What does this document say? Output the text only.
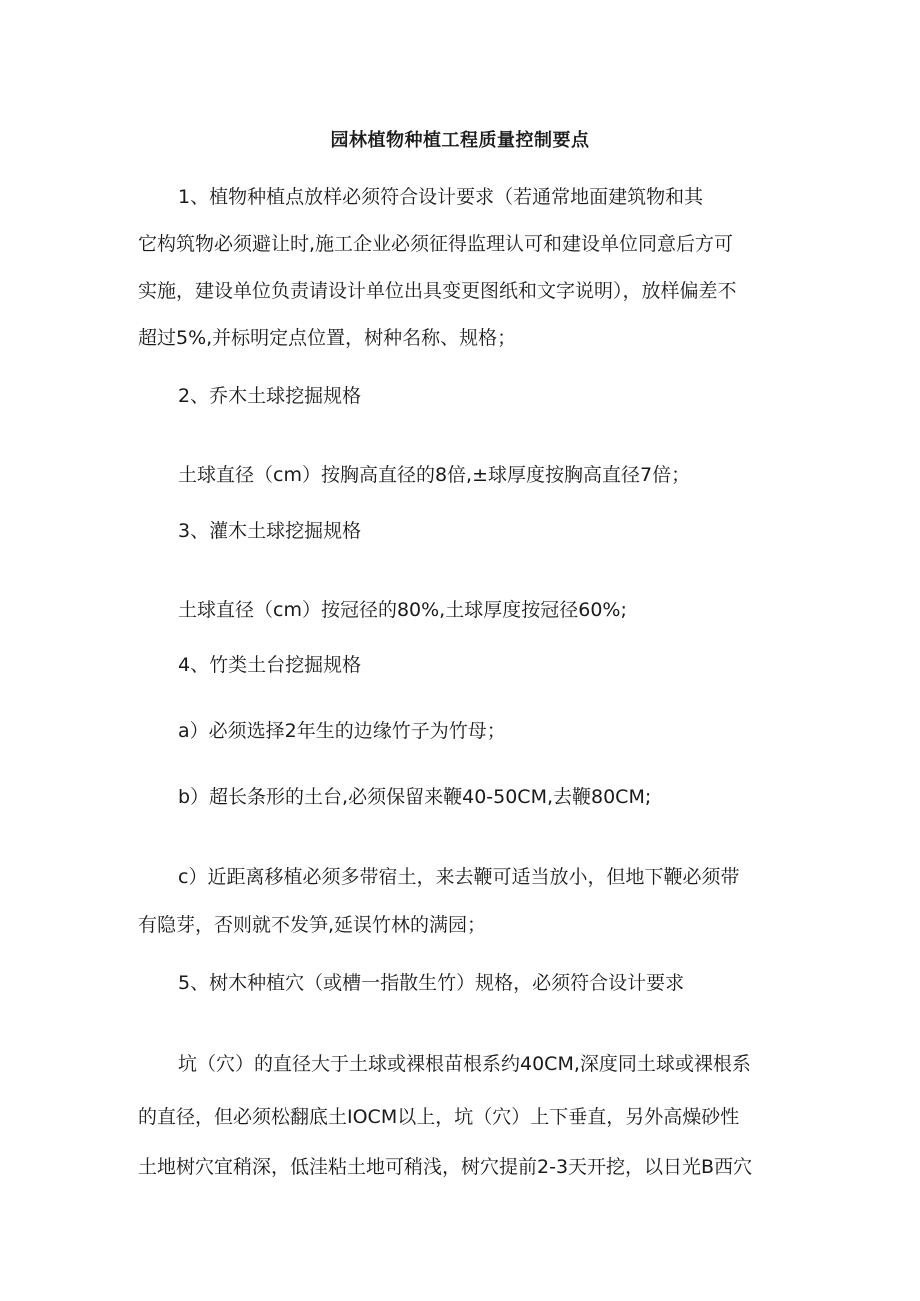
园林植物种植工程质量控制要点
1、植物种植点放样必须符合设计要求（若通常地面建筑物和其
它构筑物必须避让时,施工企业必须征得监理认可和建设单位同意后方可
实施，建设单位负责请设计单位出具变更图纸和文字说明），放样偏差不
超过5%,并标明定点位置，树种名称、规格；
2、乔木土球挖掘规格
土球直径（cm）按胸高直径的8倍,±球厚度按胸高直径7倍；
3、灌木土球挖掘规格
土球直径（cm）按冠径的80%,土球厚度按冠径60%;
4、竹类土台挖掘规格
a）必须选择2年生的边缘竹子为竹母；
b）超长条形的土台,必须保留来鞭40-50CM,去鞭80CM;
c）近距离移植必须多带宿土，来去鞭可适当放小，但地下鞭必须带
有隐芽，否则就不发笋,延误竹林的满园；
5、树木种植穴（或槽一指散生竹）规格，必须符合设计要求
坑（穴）的直径大于土球或裸根苗根系约40CM,深度同土球或裸根系
的直径，但必须松翻底土IOCM以上，坑（穴）上下垂直，另外高燥砂性
土地树穴宜稍深，低洼粘土地可稍浅，树穴提前2-3天开挖，以日光B西穴
